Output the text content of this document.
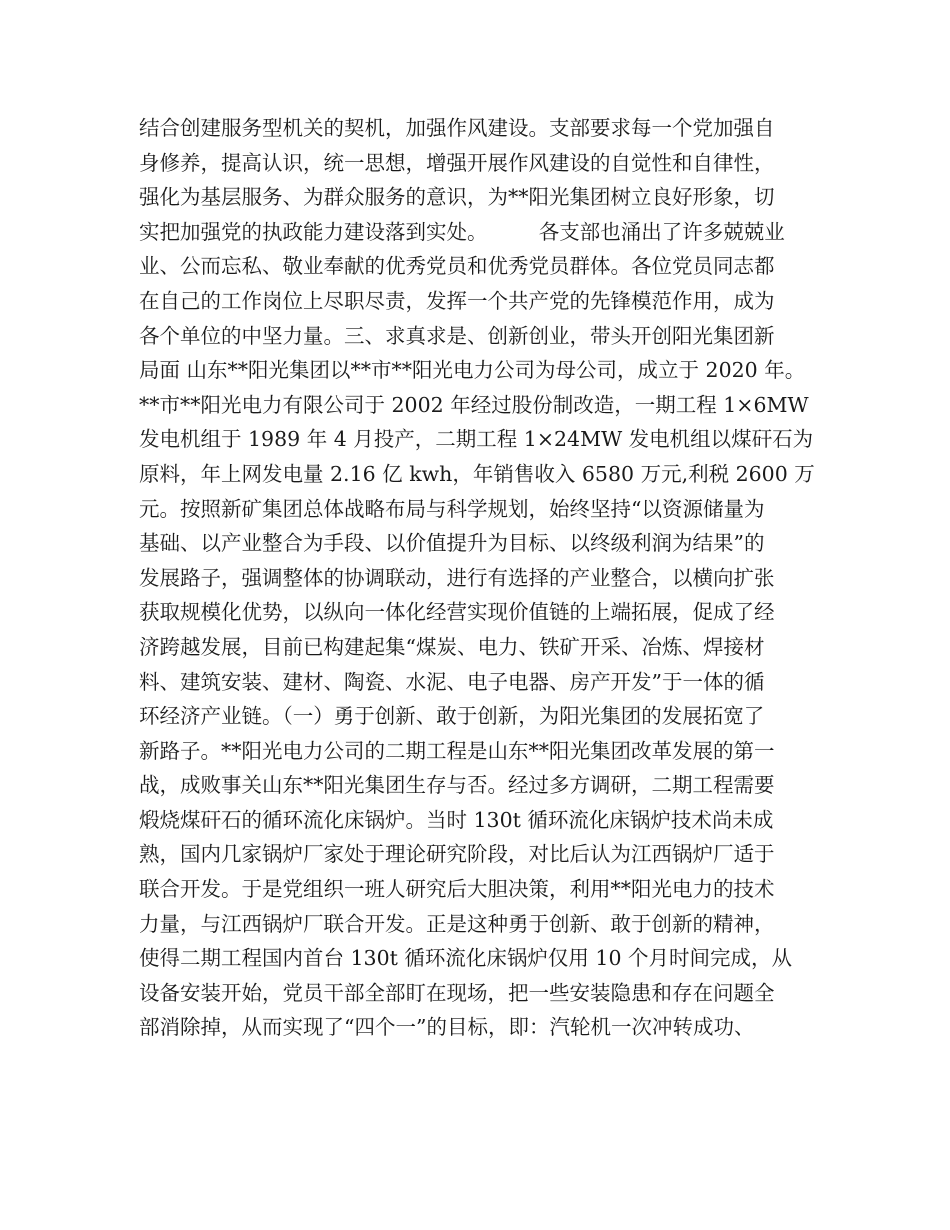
结合创建服务型机关的契机，加强作风建设。支部要求每一个党加强自
身修养，提高认识，统一思想，增强开展作风建设的自觉性和自律性，
强化为基层服务、为群众服务的意识，为**阳光集团树立良好形象，切
实把加强党的执政能力建设落到实处。　　　各支部也涌出了许多兢兢业
业、公而忘私、敬业奉献的优秀党员和优秀党员群体。各位党员同志都
在自己的工作岗位上尽职尽责，发挥一个共产党的先锋模范作用，成为
各个单位的中坚力量。三、求真求是、创新创业，带头开创阳光集团新
局面 山东**阳光集团以**市**阳光电力公司为母公司，成立于 2020 年。
**市**阳光电力有限公司于 2002 年经过股份制改造，一期工程 1×6MW
发电机组于 1989 年 4 月投产，二期工程 1×24MW 发电机组以煤矸石为
原料，年上网发电量 2.16 亿 kwh，年销售收入 6580 万元,利税 2600 万
元。按照新矿集团总体战略布局与科学规划，始终坚持“以资源储量为
基础、以产业整合为手段、以价值提升为目标、以终级利润为结果”的
发展路子，强调整体的协调联动，进行有选择的产业整合，以横向扩张
获取规模化优势，以纵向一体化经营实现价值链的上端拓展，促成了经
济跨越发展，目前已构建起集“煤炭、电力、铁矿开采、冶炼、焊接材
料、建筑安装、建材、陶瓷、水泥、电子电器、房产开发”于一体的循
环经济产业链。（一）勇于创新、敢于创新，为阳光集团的发展拓宽了
新路子。**阳光电力公司的二期工程是山东**阳光集团改革发展的第一
战，成败事关山东**阳光集团生存与否。经过多方调研，二期工程需要
煅烧煤矸石的循环流化床锅炉。当时 130t 循环流化床锅炉技术尚未成
熟，国内几家锅炉厂家处于理论研究阶段，对比后认为江西锅炉厂适于
联合开发。于是党组织一班人研究后大胆决策，利用**阳光电力的技术
力量，与江西锅炉厂联合开发。正是这种勇于创新、敢于创新的精神，
使得二期工程国内首台 130t 循环流化床锅炉仅用 10 个月时间完成，从
设备安装开始，党员干部全部盯在现场，把一些安装隐患和存在问题全
部消除掉，从而实现了“四个一”的目标，即：汽轮机一次冲转成功、
